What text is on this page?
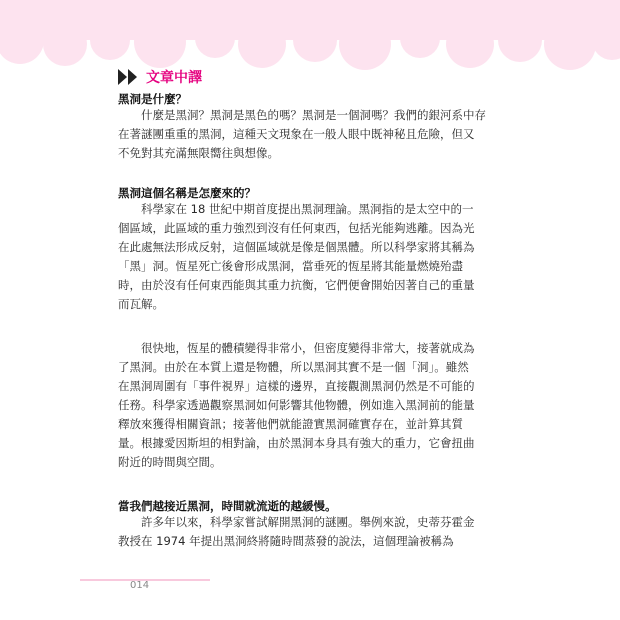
文章中譯
黑洞是什麼？
什麼是黑洞？黑洞是黑色的嗎？黑洞是一個洞嗎？我們的銀河系中存
在著謎團重重的黑洞，這種天文現象在一般人眼中既神秘且危險，但又
不免對其充滿無限嚮往與想像。
黑洞這個名稱是怎麼來的？
科學家在 18 世紀中期首度提出黑洞理論。黑洞指的是太空中的一
個區域，此區域的重力強烈到沒有任何東西，包括光能夠逃離。因為光
在此處無法形成反射，這個區域就是像是個黑體。所以科學家將其稱為
「黑」洞。恆星死亡後會形成黑洞，當垂死的恆星將其能量燃燒殆盡
時，由於沒有任何東西能與其重力抗衡，它們便會開始因著自己的重量
而瓦解。
很快地，恆星的體積變得非常小，但密度變得非常大，接著就成為
了黑洞。由於在本質上還是物體，所以黑洞其實不是一個「洞」。雖然
在黑洞周圍有「事件視界」這樣的邊界，直接觀測黑洞仍然是不可能的
任務。科學家透過觀察黑洞如何影響其他物體，例如進入黑洞前的能量
釋放來獲得相關資訊；接著他們就能證實黑洞確實存在，並計算其質
量。根據愛因斯坦的相對論，由於黑洞本身具有強大的重力，它會扭曲
附近的時間與空間。
當我們越接近黑洞，時間就流逝的越緩慢。
許多年以來，科學家嘗試解開黑洞的謎團。舉例來說，史蒂芬霍金
教授在 1974 年提出黑洞終將隨時間蒸發的說法，這個理論被稱為
014
